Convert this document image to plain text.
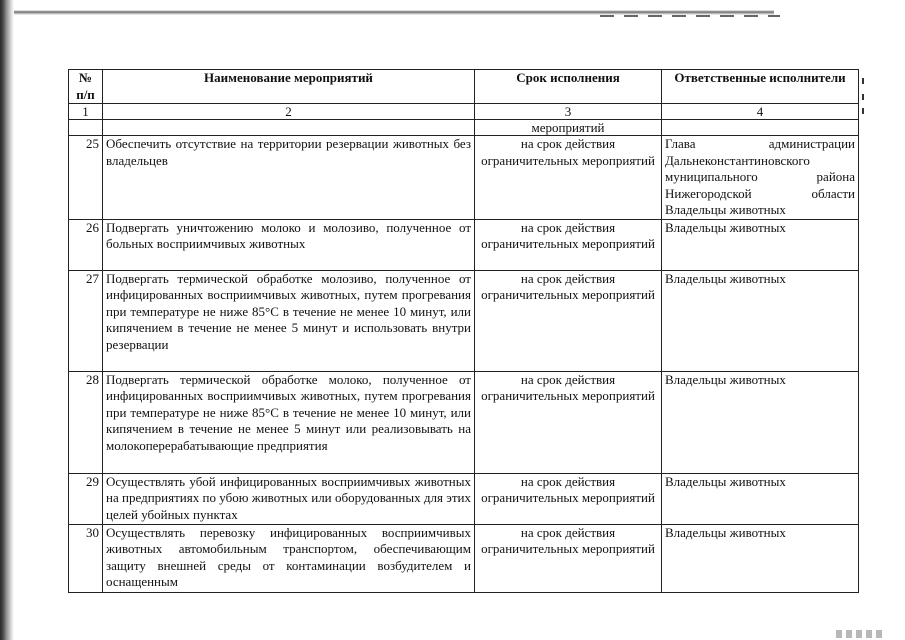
№ п/п	Наименование мероприятий	Срок исполнения	Ответственные исполнители
1	2	3	4
		мероприятий	
25	Обеспечить отсутствие на территории резервации животных без владельцев	на срок действия ограничительных мероприятий	Глава администрации Дальнеконстантиновского муниципального района Нижегородской области Владельцы животных
26	Подвергать уничтожению молоко и молозиво, полученное от больных восприимчивых животных	на срок действия ограничительных мероприятий	Владельцы животных
27	Подвергать термической обработке молозиво, полученное от инфицированных восприимчивых животных, путем прогревания при температуре не ниже 85°С в течение не менее 10 минут, или кипячением в течение не менее 5 минут и использовать внутри резервации	на срок действия ограничительных мероприятий	Владельцы животных
28	Подвергать термической обработке молоко, полученное от инфицированных восприимчивых животных, путем прогревания при температуре не ниже 85°С в течение не менее 10 минут, или кипячением в течение не менее 5 минут или реализовывать на молокоперерабатывающие предприятия	на срок действия ограничительных мероприятий	Владельцы животных
29	Осуществлять убой инфицированных восприимчивых животных на предприятиях по убою животных или оборудованных для этих целей убойных пунктах	на срок действия ограничительных мероприятий	Владельцы животных
30	Осуществлять перевозку инфицированных восприимчивых животных автомобильным транспортом, обеспечивающим защиту внешней среды от контаминации возбудителем и оснащенным	на срок действия ограничительных мероприятий	Владельцы животных
